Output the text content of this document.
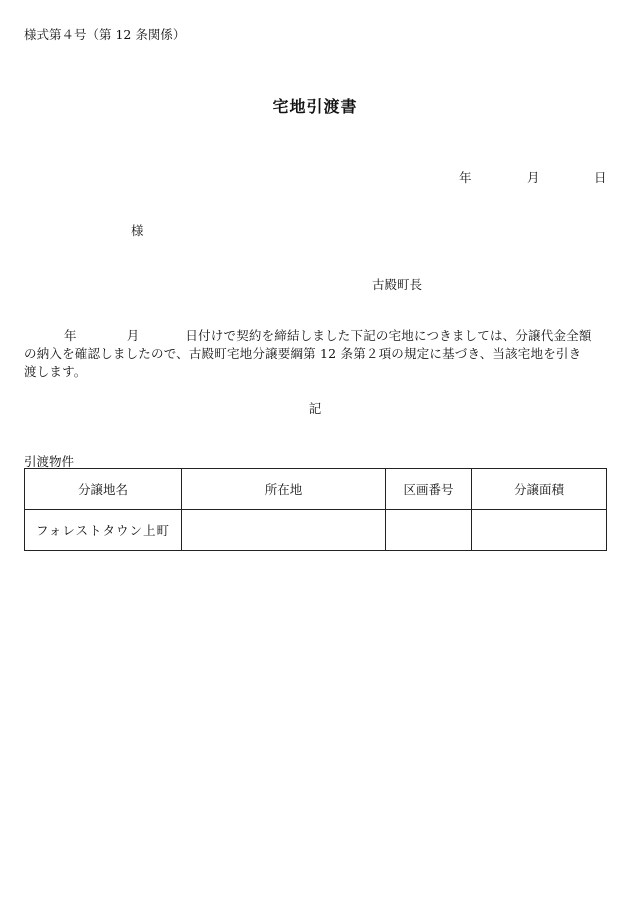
様式第４号（第 12 条関係）
宅地引渡書
年	月	日
様
古殿町長
年	月	日付けで契約を締結しました下記の宅地につきましては、分譲代金全額
の納入を確認しましたので、古殿町宅地分譲要綱第 12 条第２項の規定に基づき、当該宅地を引き
渡します。
記
引渡物件
分譲地名	所在地	区画番号	分譲面積
フォレストタウン上町			
